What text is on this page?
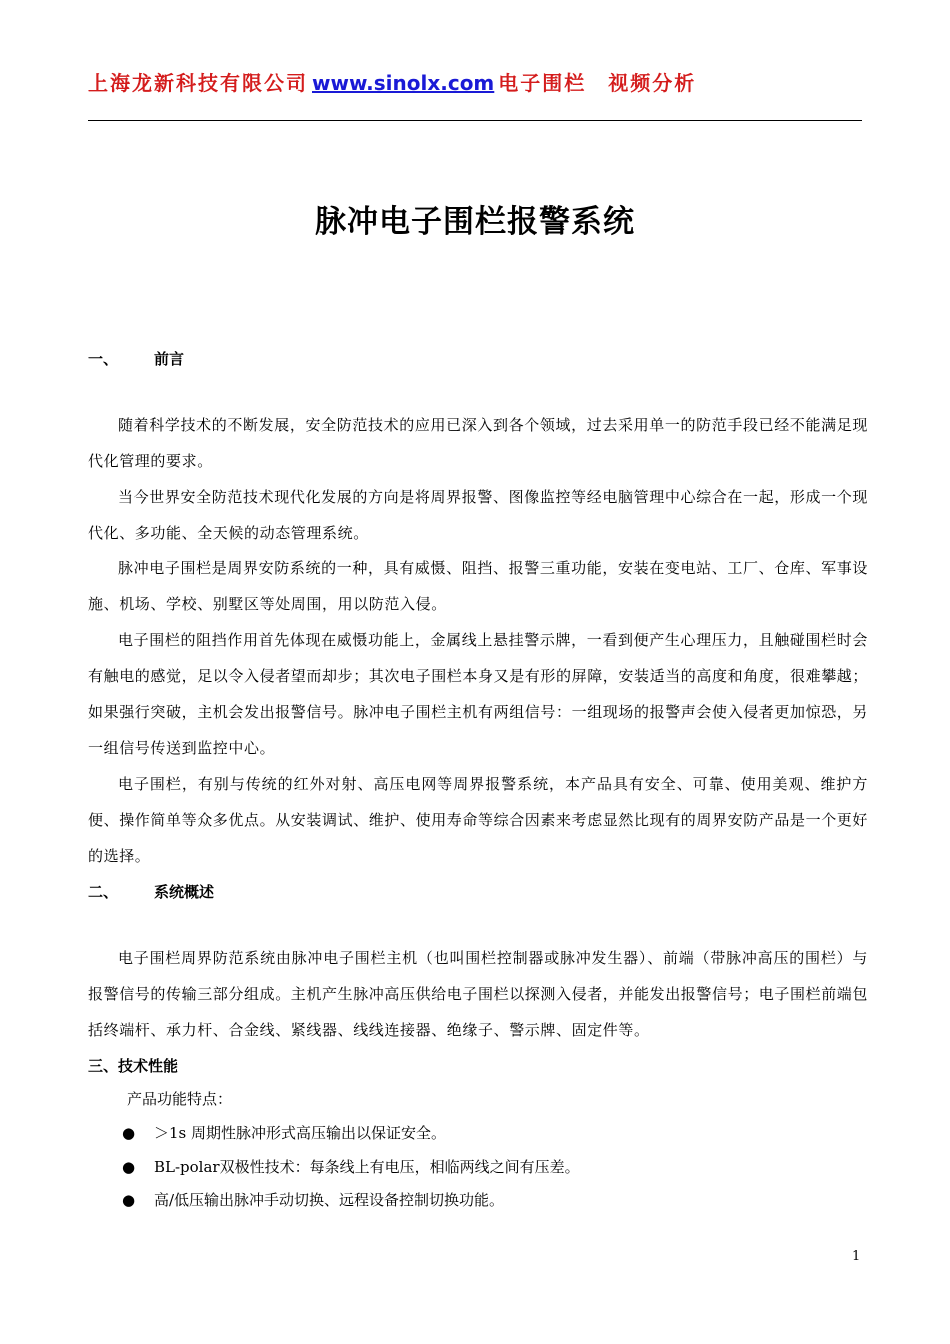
上海龙新科技有限公司 www.sinolx.com 电子围栏 视频分析
脉冲电子围栏报警系统
一、 前言
随着科学技术的不断发展，安全防范技术的应用已深入到各个领域，过去采用单一的防范手段已经不能满足现代化管理的要求。
当今世界安全防范技术现代化发展的方向是将周界报警、图像监控等经电脑管理中心综合在一起，形成一个现代化、多功能、全天候的动态管理系统。
脉冲电子围栏是周界安防系统的一种，具有威慑、阻挡、报警三重功能，安装在变电站、工厂、仓库、军事设施、机场、学校、别墅区等处周围，用以防范入侵。
电子围栏的阻挡作用首先体现在威慑功能上，金属线上悬挂警示牌，一看到便产生心理压力，且触碰围栏时会有触电的感觉，足以令入侵者望而却步；其次电子围栏本身又是有形的屏障，安装适当的高度和角度，很难攀越；如果强行突破，主机会发出报警信号。脉冲电子围栏主机有两组信号：一组现场的报警声会使入侵者更加惊恐，另一组信号传送到监控中心。
电子围栏，有别与传统的红外对射、高压电网等周界报警系统，本产品具有安全、可靠、使用美观、维护方便、操作简单等众多优点。从安装调试、维护、使用寿命等综合因素来考虑显然比现有的周界安防产品是一个更好的选择。
二、 系统概述
电子围栏周界防范系统由脉冲电子围栏主机（也叫围栏控制器或脉冲发生器）、前端（带脉冲高压的围栏）与报警信号的传输三部分组成。主机产生脉冲高压供给电子围栏以探测入侵者，并能发出报警信号；电子围栏前端包括终端杆、承力杆、合金线、紧线器、线线连接器、绝缘子、警示牌、固定件等。
三、技术性能
产品功能特点：
● ＞1s 周期性脉冲形式高压输出以保证安全。
● BL-polar双极性技术：每条线上有电压，相临两线之间有压差。
● 高/低压输出脉冲手动切换、远程设备控制切换功能。
1
